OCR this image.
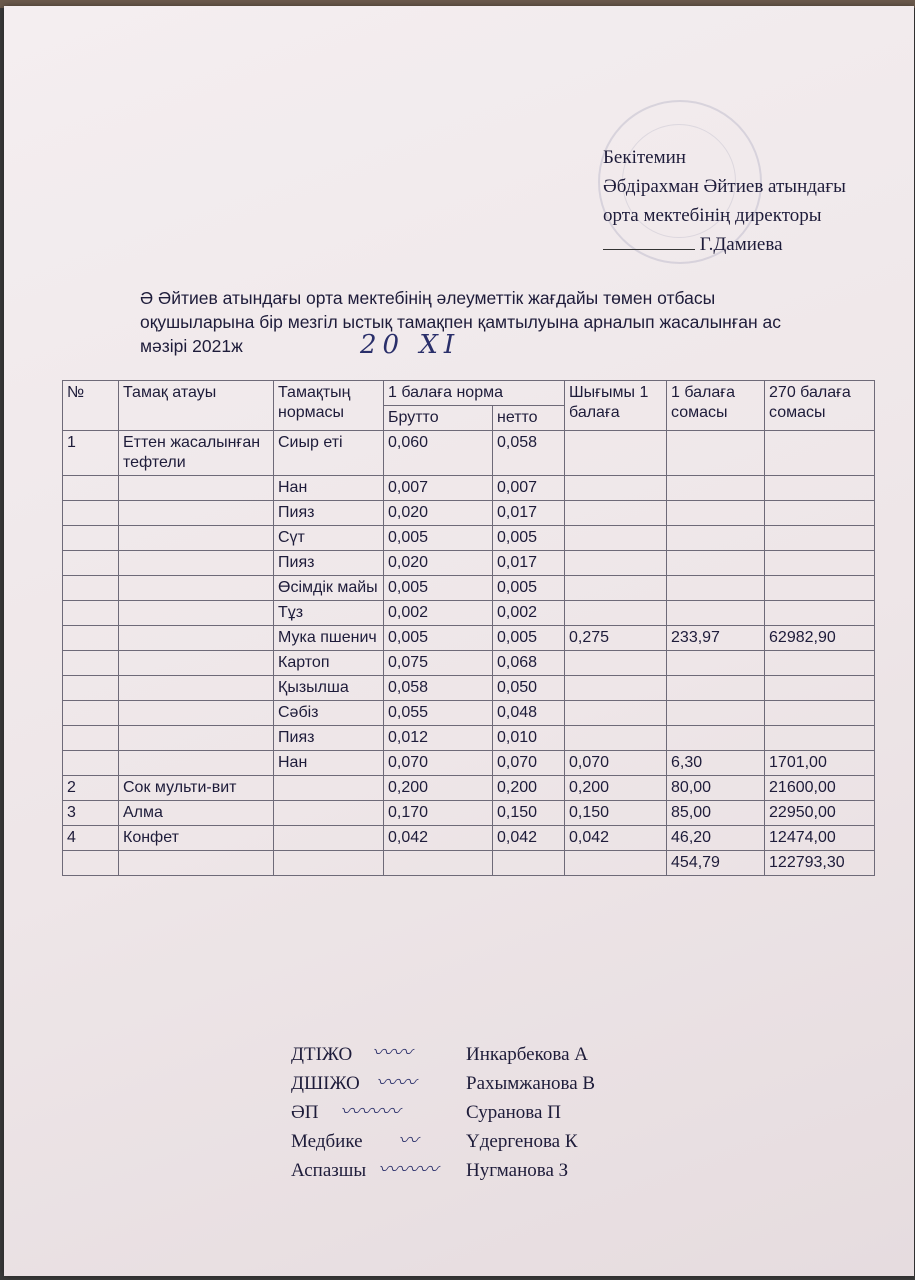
Бекітемин
Әбдірахман Әйтиев атындағы
орта мектебінің директоры
Г.Дамиева
Ә Әйтиев атындағы орта мектебінің әлеуметтік жағдайы төмен отбасы
оқушыларына бір мезгіл ыстық тамақпен қамтылуына арналып жасалынған ас
мәзірі 2021ж	20 XI
№	Тамақ атауы	Тамақтың нормасы	1 балаға норма		Шығымы 1 балаға	1 балаға сомасы	270 балаға сомасы
			Брутто	нетто			
1	Еттен жасалынған тефтели	Сиыр еті	0,060	0,058			
		Нан	0,007	0,007			
		Пияз	0,020	0,017			
		Сүт	0,005	0,005			
		Пияз	0,020	0,017			
		Өсімдік майы	0,005	0,005			
		Тұз	0,002	0,002			
		Мука пшенич	0,005	0,005	0,275	233,97	62982,90
		Картоп	0,075	0,068			
		Қызылша	0,058	0,050			
		Сәбіз	0,055	0,048			
		Пияз	0,012	0,010			
		Нан	0,070	0,070	0,070	6,30	1701,00
2	Сок мульти-вит		0,200	0,200	0,200	80,00	21600,00
3	Алма		0,170	0,150	0,150	85,00	22950,00
4	Конфет		0,042	0,042	0,042	46,20	12474,00
						454,79	122793,30
ДТІЖО	Инкарбекова А
ДШІЖО	Рахымжанова В
ӘП	Суранова П
Медбике	Үдергенова К
Аспазшы	Нугманова З
〰〰
〰〰
〰〰〰
〰
〰〰〰
